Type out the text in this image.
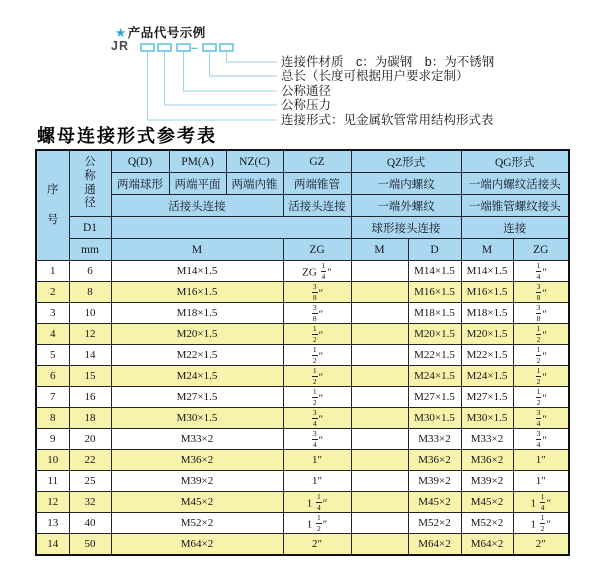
★产品代号示例
JR	–
连接件材质　c：为碳钢　b：为不锈钢
总长（长度可根据用户要求定制）
公称通径
公称压力
连接形式：见金属软管常用结构形式表
螺母连接形式参考表
序号	公称通径	Q(D)	PM(A)	NZ(C)	GZ	QZ形式		QG形式	
		两端球形	两端平面	两端内锥	两端锥管	一端内螺纹		一端内螺纹活接头	
		活接头连接			活接头连接	一端外螺纹		一端锥管螺纹接头	
	D1					球形接头连接		连接	
	mm	M			ZG	M	D	M	ZG
1	6	M14×1.5			ZG $\frac{1}{4}$ ″		M14×1.5	M14×1.5	$\frac{1}{4}$ ″
2	8	M16×1.5			$\frac{3}{8}$ ″		M16×1.5	M16×1.5	$\frac{3}{8}$ ″
3	10	M18×1.5			$\frac{3}{8}$ ″		M18×1.5	M18×1.5	$\frac{3}{8}$ ″
4	12	M20×1.5			$\frac{1}{2}$ ″		M20×1.5	M20×1.5	$\frac{1}{2}$ ″
5	14	M22×1.5			$\frac{1}{2}$ ″		M22×1.5	M22×1.5	$\frac{1}{2}$ ″
6	15	M24×1.5			$\frac{1}{2}$ ″		M24×1.5	M24×1.5	$\frac{1}{2}$ ″
7	16	M27×1.5			$\frac{1}{2}$ ″		M27×1.5	M27×1.5	$\frac{1}{2}$ ″
8	18	M30×1.5			$\frac{3}{4}$ ″		M30×1.5	M30×1.5	$\frac{3}{4}$ ″
9	20	M33×2			$\frac{3}{4}$ ″		M33×2	M33×2	$\frac{3}{4}$ ″
10	22	M36×2			1″		M36×2	M36×2	1″
11	25	M39×2			1″		M39×2	M39×2	1″
12	32	M45×2			$1 \frac{1}{4}$ ″		M45×2	M45×2	$1 \frac{1}{4}$ ″
13	40	M52×2			$1 \frac{1}{2}$ ″		M52×2	M52×2	$1 \frac{1}{2}$ ″
14	50	M64×2			2″		M64×2	M64×2	2″
